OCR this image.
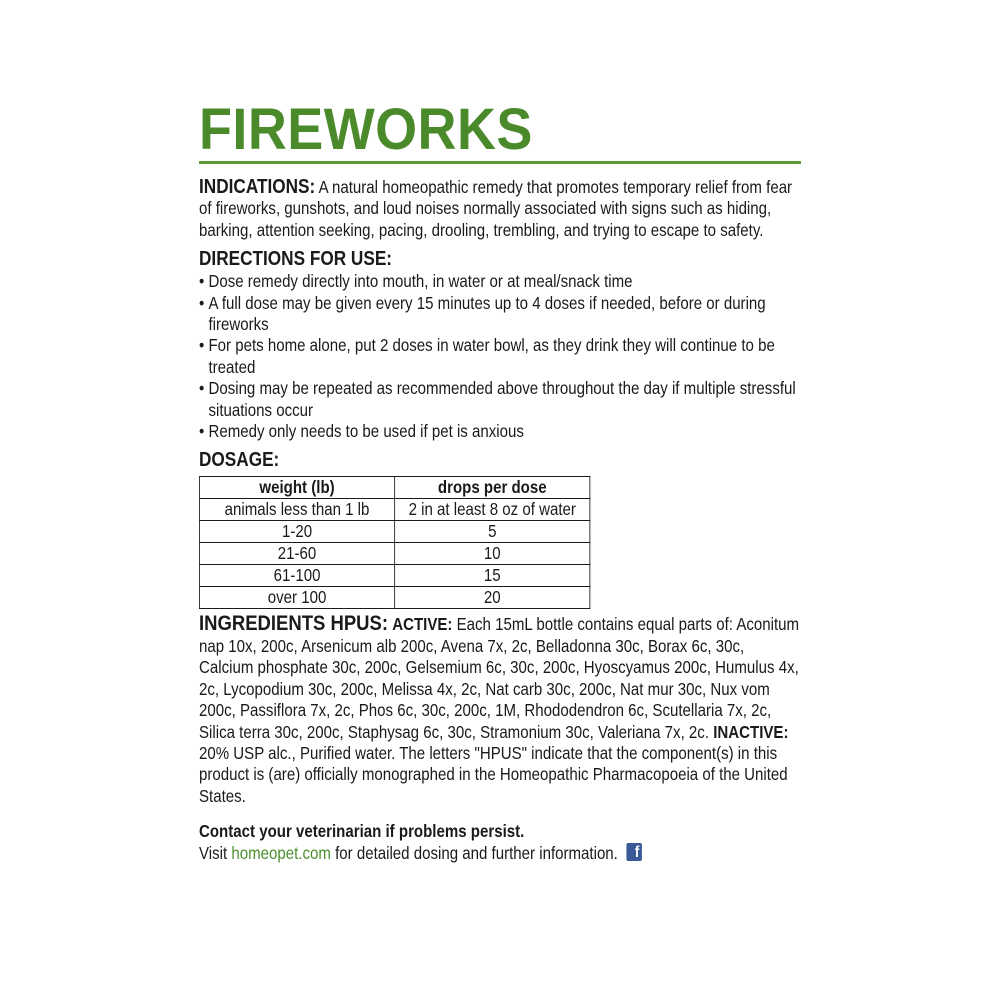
FIREWORKS

INDICATIONS: A natural homeopathic remedy that promotes temporary relief from fear of fireworks, gunshots, and loud noises normally associated with signs such as hiding, barking, attention seeking, pacing, drooling, trembling, and trying to escape to safety.

DIRECTIONS FOR USE:
• Dose remedy directly into mouth, in water or at meal/snack time
• A full dose may be given every 15 minutes up to 4 doses if needed, before or during fireworks
• For pets home alone, put 2 doses in water bowl, as they drink they will continue to be treated
• Dosing may be repeated as recommended above throughout the day if multiple stressful situations occur
• Remedy only needs to be used if pet is anxious
DOSAGE:
weight (lb)	drops per dose
animals less than 1 lb	2 in at least 8 oz of water
1-20	5
21-60	10
61-100	15
over 100	20

INGREDIENTS HPUS: ACTIVE: Each 15mL bottle contains equal parts of: Aconitum nap 10x, 200c, Arsenicum alb 200c, Avena 7x, 2c, Belladonna 30c, Borax 6c, 30c, Calcium phosphate 30c, 200c, Gelsemium 6c, 30c, 200c, Hyoscyamus 200c, Humulus 4x, 2c, Lycopodium 30c, 200c, Melissa 4x, 2c, Nat carb 30c, 200c, Nat mur 30c, Nux vom 200c, Passiflora 7x, 2c, Phos 6c, 30c, 200c, 1M, Rhododendron 6c, Scutellaria 7x, 2c, Silica terra 30c, 200c, Staphysag 6c, 30c, Stramonium 30c, Valeriana 7x, 2c. INACTIVE: 20% USP alc., Purified water. The letters "HPUS" indicate that the component(s) in this product is (are) officially monographed in the Homeopathic Pharmacopoeia of the United States.

Contact your veterinarian if problems persist.
Visit homeopet.com for detailed dosing and further information. f
